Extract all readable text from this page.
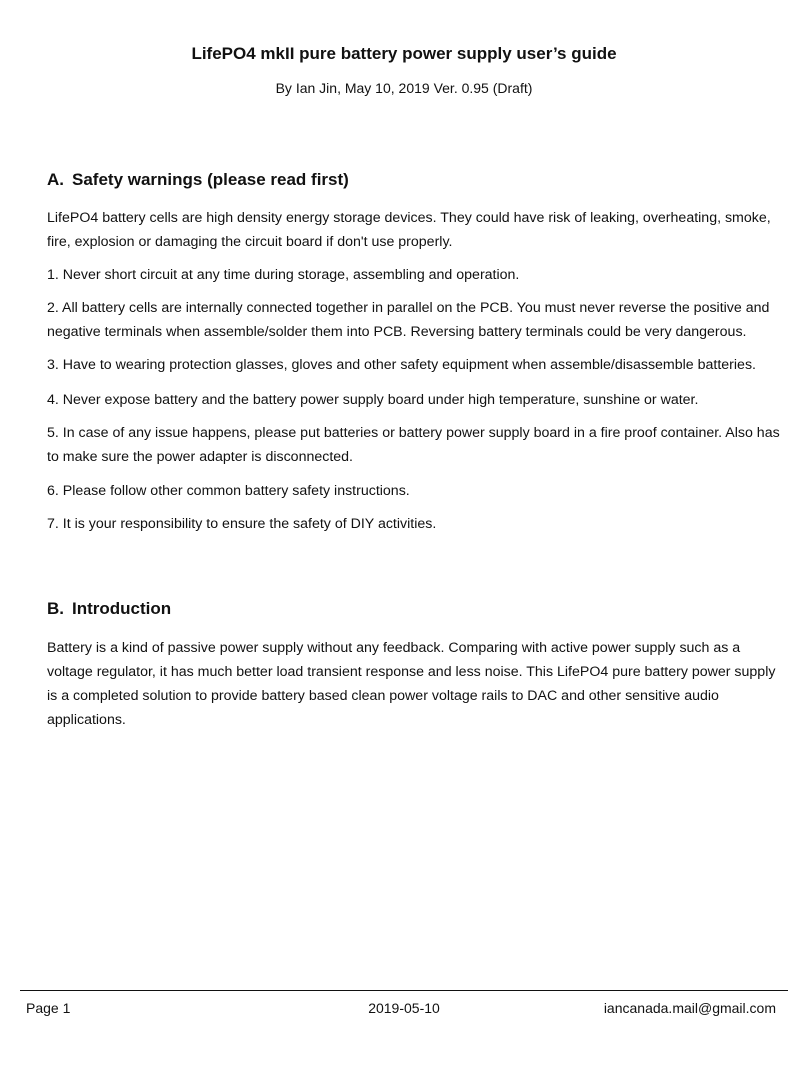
LifePO4 mkII pure battery power supply user’s guide

By Ian Jin, May 10, 2019 Ver. 0.95 (Draft)

A. Safety warnings (please read first)

LifePO4 battery cells are high density energy storage devices. They could have risk of leaking, overheating, smoke, fire, explosion or damaging the circuit board if don't use properly.

1. Never short circuit at any time during storage, assembling and operation.

2. All battery cells are internally connected together in parallel on the PCB. You must never reverse the positive and negative terminals when assemble/solder them into PCB. Reversing battery terminals could be very dangerous.

3. Have to wearing protection glasses, gloves and other safety equipment when assemble/disassemble batteries.

4. Never expose battery and the battery power supply board under high temperature, sunshine or water.

5. In case of any issue happens, please put batteries or battery power supply board in a fire proof container. Also has to make sure the power adapter is disconnected.

6. Please follow other common battery safety instructions.

7. It is your responsibility to ensure the safety of DIY activities.

B. Introduction

Battery is a kind of passive power supply without any feedback. Comparing with active power supply such as a voltage regulator, it has much better load transient response and less noise. This LifePO4 pure battery power supply is a completed solution to provide battery based clean power voltage rails to DAC and other sensitive audio applications.

Page 1	2019-05-10	iancanada.mail@gmail.com
